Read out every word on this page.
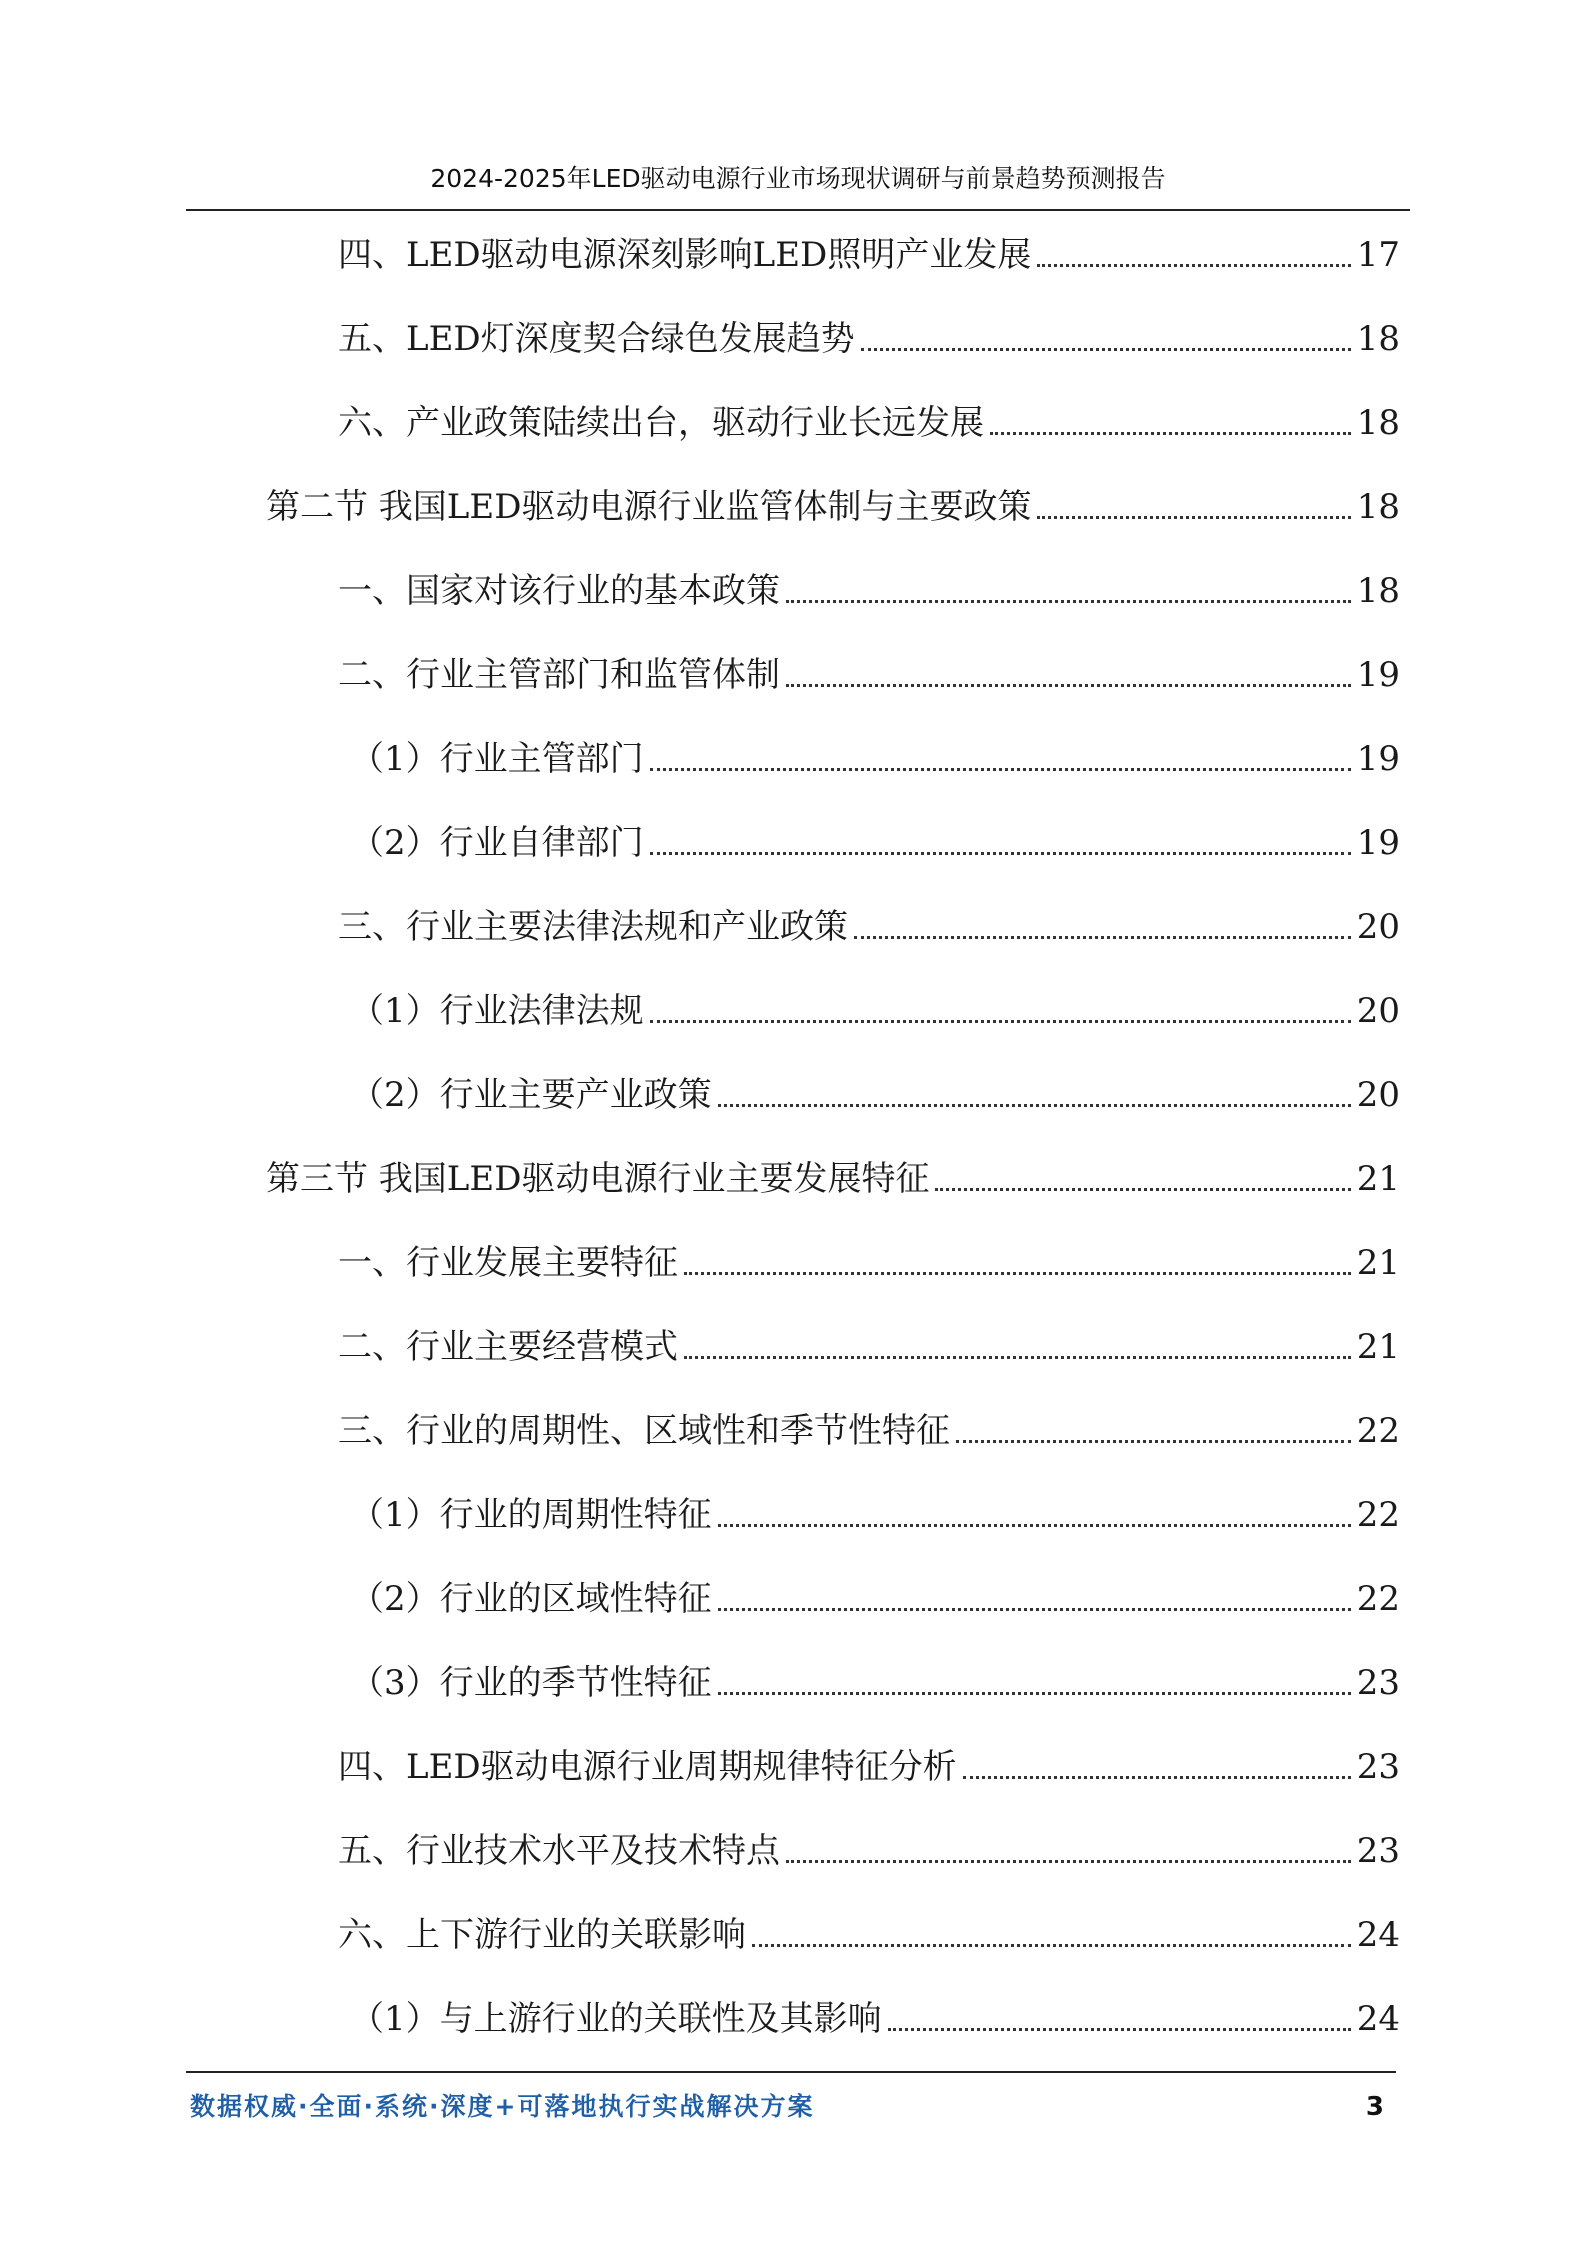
2024-2025年LED驱动电源行业市场现状调研与前景趋势预测报告
四、LED驱动电源深刻影响LED照明产业发展	17
五、LED灯深度契合绿色发展趋势	18
六、产业政策陆续出台，驱动行业长远发展	18
第二节 我国LED驱动电源行业监管体制与主要政策	18
一、国家对该行业的基本政策	18
二、行业主管部门和监管体制	19
（1）行业主管部门	19
（2）行业自律部门	19
三、行业主要法律法规和产业政策	20
（1）行业法律法规	20
（2）行业主要产业政策	20
第三节 我国LED驱动电源行业主要发展特征	21
一、行业发展主要特征	21
二、行业主要经营模式	21
三、行业的周期性、区域性和季节性特征	22
（1）行业的周期性特征	22
（2）行业的区域性特征	22
（3）行业的季节性特征	23
四、LED驱动电源行业周期规律特征分析	23
五、行业技术水平及技术特点	23
六、上下游行业的关联影响	24
（1）与上游行业的关联性及其影响	24
数据权威·全面·系统·深度+可落地执行实战解决方案	3
